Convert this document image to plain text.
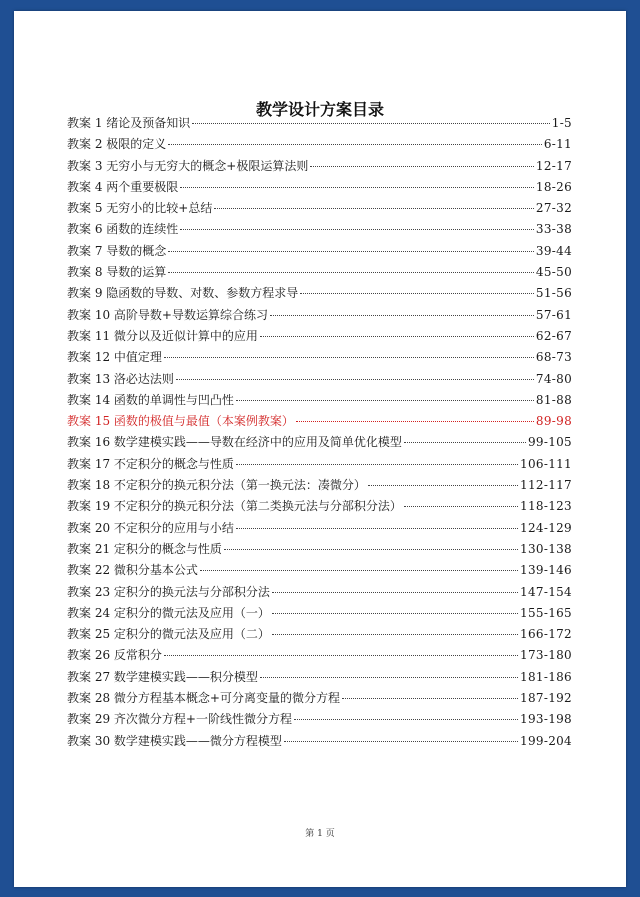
教学设计方案目录
教案 1 绪论及预备知识	1-5
教案 2 极限的定义	6-11
教案 3 无穷小与无穷大的概念+极限运算法则	12-17
教案 4 两个重要极限	18-26
教案 5 无穷小的比较+总结	27-32
教案 6 函数的连续性	33-38
教案 7 导数的概念	39-44
教案 8 导数的运算	45-50
教案 9 隐函数的导数、对数、参数方程求导	51-56
教案 10 高阶导数+导数运算综合练习	57-61
教案 11 微分以及近似计算中的应用	62-67
教案 12 中值定理	68-73
教案 13 洛必达法则	74-80
教案 14 函数的单调性与凹凸性	81-88
教案 15 函数的极值与最值（本案例教案）	89-98
教案 16 数学建模实践——导数在经济中的应用及简单优化模型	99-105
教案 17 不定积分的概念与性质	106-111
教案 18 不定积分的换元积分法（第一换元法：凑微分）	112-117
教案 19 不定积分的换元积分法（第二类换元法与分部积分法）	118-123
教案 20 不定积分的应用与小结	124-129
教案 21 定积分的概念与性质	130-138
教案 22 微积分基本公式	139-146
教案 23 定积分的换元法与分部积分法	147-154
教案 24 定积分的微元法及应用（一）	155-165
教案 25 定积分的微元法及应用（二）	166-172
教案 26 反常积分	173-180
教案 27 数学建模实践——积分模型	181-186
教案 28 微分方程基本概念+可分离变量的微分方程	187-192
教案 29 齐次微分方程+一阶线性微分方程	193-198
教案 30 数学建模实践——微分方程模型	199-204
第 1 页
